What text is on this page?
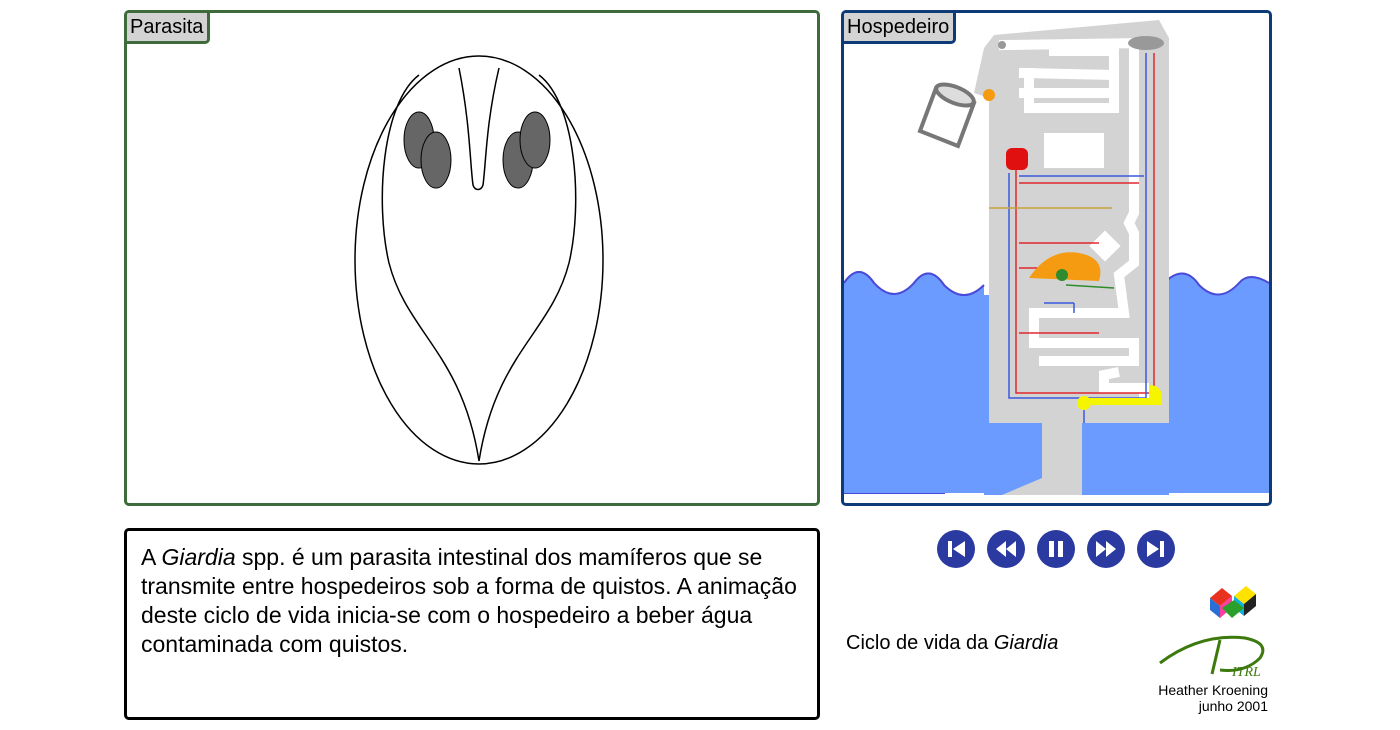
Parasita	Hospedeiro
A Giardia spp. é um parasita intestinal dos mamíferos que se transmite entre hospedeiros sob a forma de quistos. A animação deste ciclo de vida inicia-se com o hospedeiro a beber água contaminada com quistos.	Ciclo de vida da Giardia
ITRL
Heather Kroening
junho 2001
